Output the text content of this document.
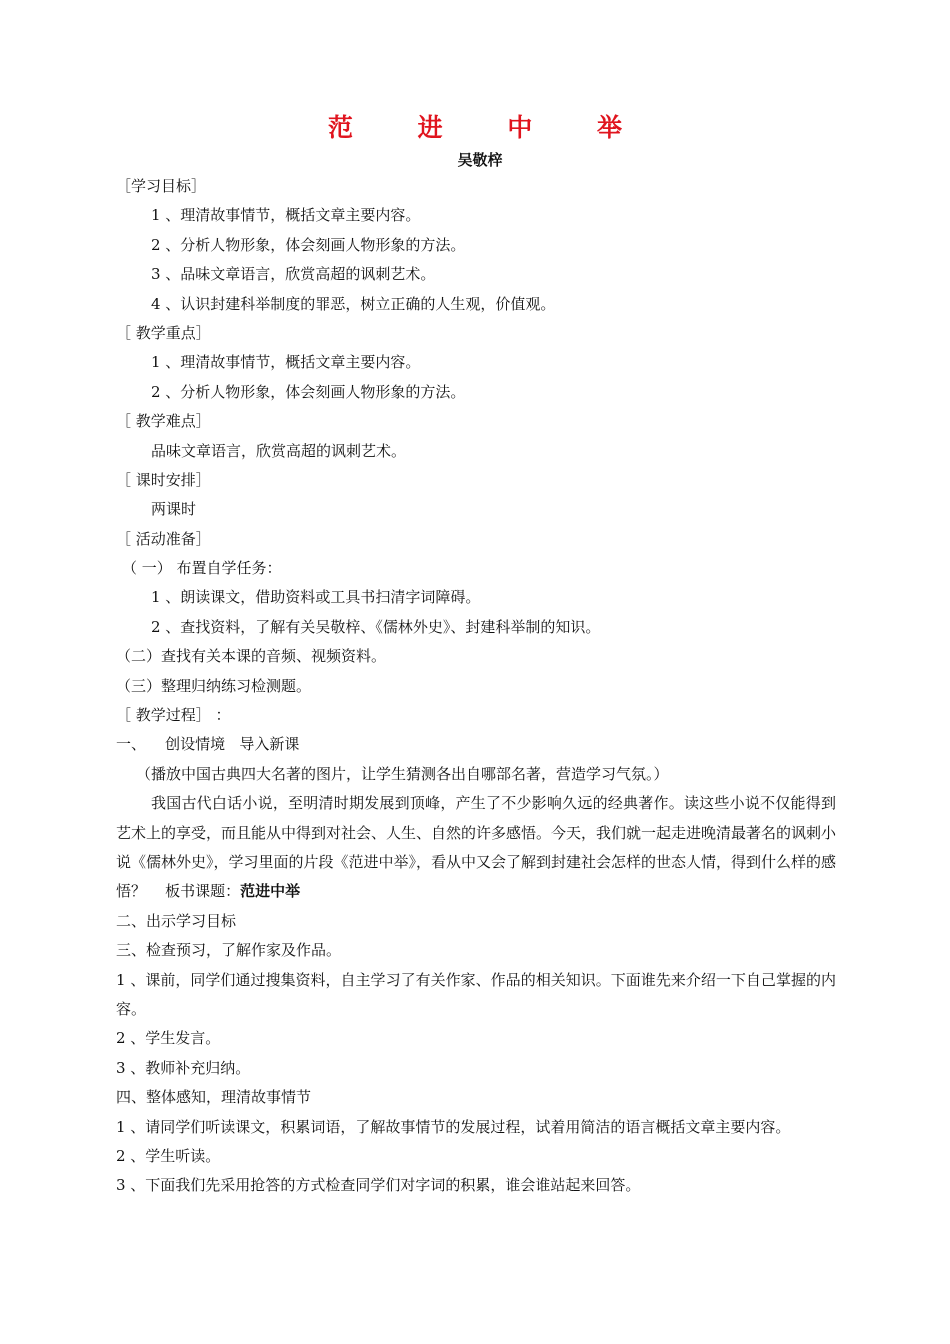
范 进 中 举
吴敬梓
［学习目标］
1 、理清故事情节，概括文章主要内容。
2 、分析人物形象，体会刻画人物形象的方法。
3 、品味文章语言，欣赏高超的讽刺艺术。
4 、认识封建科举制度的罪恶，树立正确的人生观，价值观。
［ 教学重点］
1 、理清故事情节，概括文章主要内容。
2 、分析人物形象，体会刻画人物形象的方法。
［ 教学难点］
品味文章语言，欣赏高超的讽刺艺术。
［ 课时安排］
两课时
［ 活动准备］
（ 一） 布置自学任务：
1 、朗读课文，借助资料或工具书扫清字词障碍。
2 、查找资料，了解有关吴敬梓、《儒林外史》、封建科举制的知识。
（二）查找有关本课的音频、视频资料。
（三）整理归纳练习检测题。
［ 教学过程］ ：
一、    创设情境   导入新课
（播放中国古典四大名著的图片，让学生猜测各出自哪部名著，营造学习气氛。）
我国古代白话小说，至明清时期发展到顶峰，产生了不少影响久远的经典著作。读这些小说不仅能得到艺术上的享受，而且能从中得到对社会、人生、自然的许多感悟。今天，我们就一起走进晚清最著名的讽刺小说《儒林外史》，学习里面的片段《范进中举》，看从中又会了解到封建社会怎样的世态人情，得到什么样的感悟？    板书课题：范进中举
二、出示学习目标
三、检查预习，了解作家及作品。
1 、课前，同学们通过搜集资料，自主学习了有关作家、作品的相关知识。下面谁先来介绍一下自己掌握的内容。
2 、学生发言。
3 、教师补充归纳。
四、整体感知，理清故事情节
1 、请同学们听读课文，积累词语，了解故事情节的发展过程，试着用简洁的语言概括文章主要内容。
2 、学生听读。
3 、下面我们先采用抢答的方式检查同学们对字词的积累，谁会谁站起来回答。
